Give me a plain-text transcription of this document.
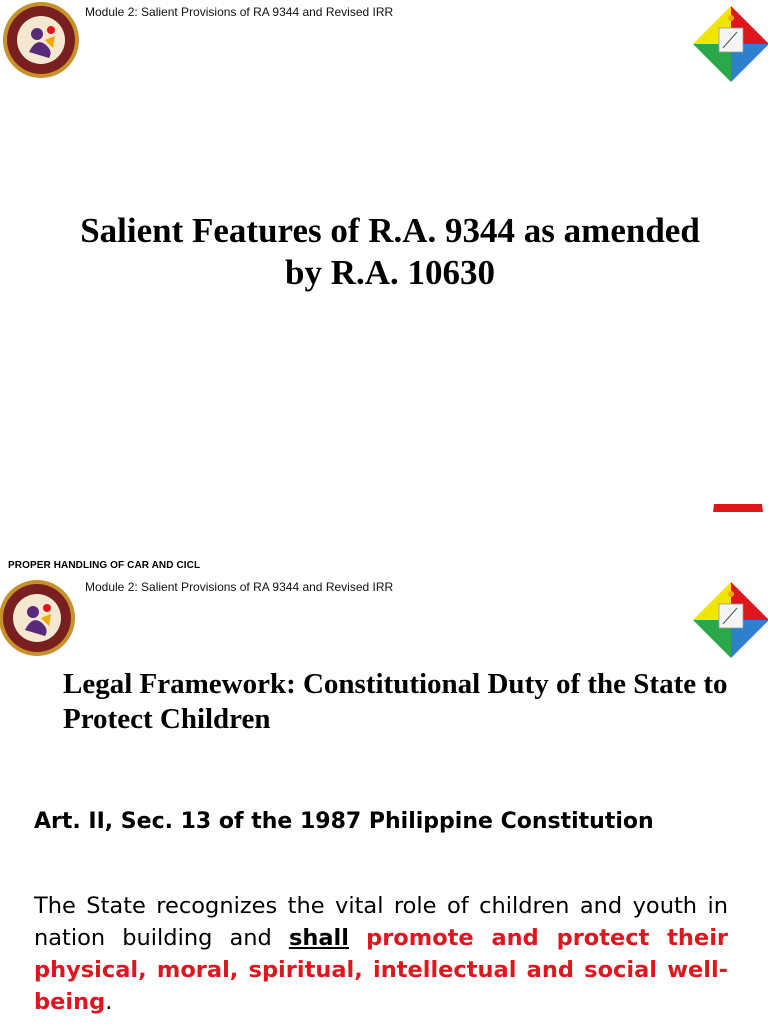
Module 2: Salient Provisions of RA 9344 and Revised IRR
Salient Features of R.A. 9344 as amended
by R.A. 10630
PROPER HANDLING OF CAR AND CICL
Module 2: Salient Provisions of RA 9344 and Revised IRR
Legal Framework: Constitutional Duty of the State to Protect Children
Art. II, Sec. 13 of the 1987 Philippine Constitution
The State recognizes the vital role of children and youth in nation building and shall promote and protect their physical, moral, spiritual, intellectual and social well-being.
